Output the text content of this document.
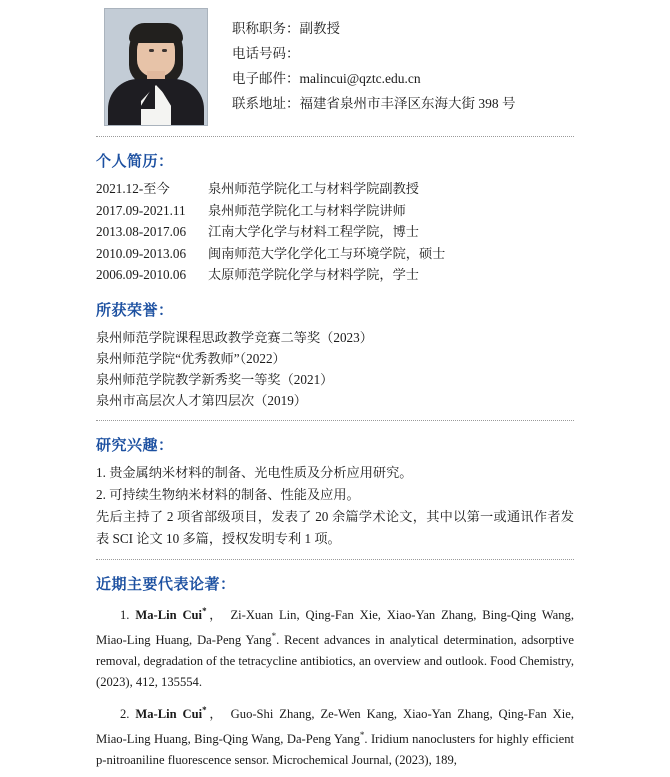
职称职务：副教授
电话号码：
电子邮件：malincui@qztc.edu.cn
联系地址：福建省泉州市丰泽区东海大街 398 号
个人简历：
2021.12-至今	泉州师范学院化工与材料学院副教授
2017.09-2021.11	泉州师范学院化工与材料学院讲师
2013.08-2017.06	江南大学化学与材料工程学院，博士
2010.09-2013.06	闽南师范大学化学化工与环境学院，硕士
2006.09-2010.06	太原师范学院化学与材料学院，学士
所获荣誉：

泉州师范学院课程思政教学竞赛二等奖（2023）

泉州师范学院“优秀教师”（2022）

泉州师范学院教学新秀奖一等奖（2021）

泉州市高层次人才第四层次（2019）

研究兴趣：

1. 贵金属纳米材料的制备、光电性质及分析应用研究。

2. 可持续生物纳米材料的制备、性能及应用。

先后主持了 2 项省部级项目，发表了 20 余篇学术论文，其中以第一或通讯作者发表 SCI 论文 10 多篇，授权发明专利 1 项。

近期主要代表论著：

1. Ma-Lin Cui*， Zi-Xuan Lin, Qing-Fan Xie, Xiao-Yan Zhang, Bing-Qing Wang, Miao-Ling Huang, Da-Peng Yang*. Recent advances in analytical determination, adsorptive removal, degradation of the tetracycline antibiotics, an overview and outlook. Food Chemistry, (2023), 412, 135554.

2. Ma-Lin Cui*， Guo-Shi Zhang, Ze-Wen Kang, Xiao-Yan Zhang, Qing-Fan Xie, Miao-Ling Huang, Bing-Qing Wang, Da-Peng Yang*. Iridium nanoclusters for highly efficient p-nitroaniline fluorescence sensor. Microchemical Journal, (2023), 189,
